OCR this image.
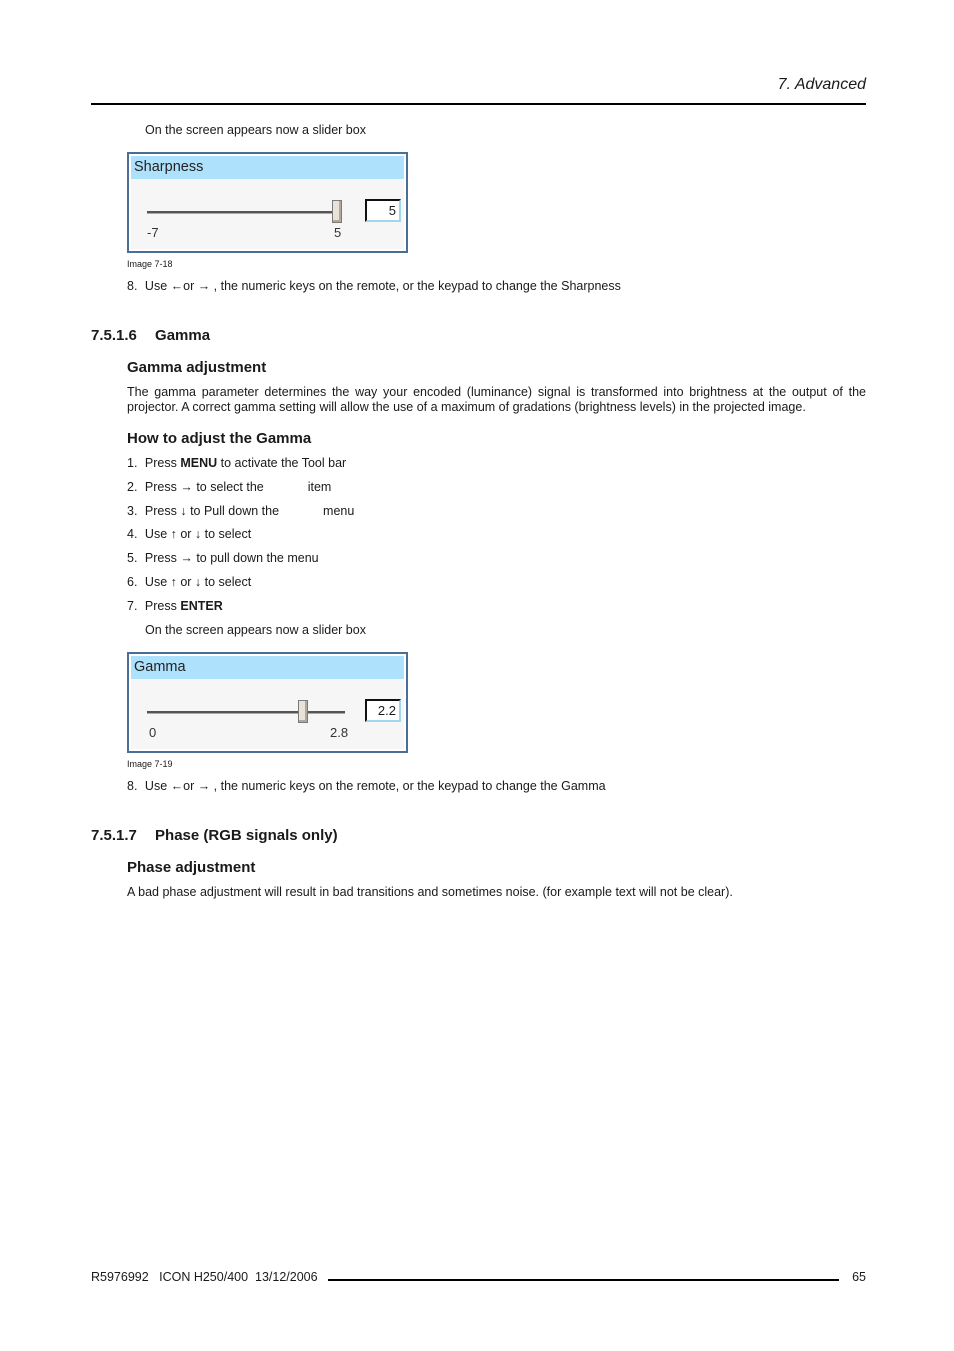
7. Advanced
On the screen appears now a slider box
Sharpness
5
-7	5
Image 7-18
8. Use ←or → , the numeric keys on the remote, or the keypad to change the Sharpness
7.5.1.6 Gamma
Gamma adjustment
The gamma parameter determines the way your encoded (luminance) signal is transformed into brightness at the output of the projector. A correct gamma setting will allow the use of a maximum of gradations (brightness levels) in the projected image.
How to adjust the Gamma
1. Press MENU to activate the Tool bar
2. Press → to select the	item
3. Press ↓ to Pull down the	menu
4. Use ↑ or ↓ to select
5. Press → to pull down the menu
6. Use ↑ or ↓ to select
7. Press ENTER
On the screen appears now a slider box
Gamma
2.2
0	2.8
Image 7-19
8. Use ←or → , the numeric keys on the remote, or the keypad to change the Gamma
7.5.1.7 Phase (RGB signals only)
Phase adjustment
A bad phase adjustment will result in bad transitions and sometimes noise. (for example text will not be clear).
R5976992   ICON H250/400  13/12/2006	65
